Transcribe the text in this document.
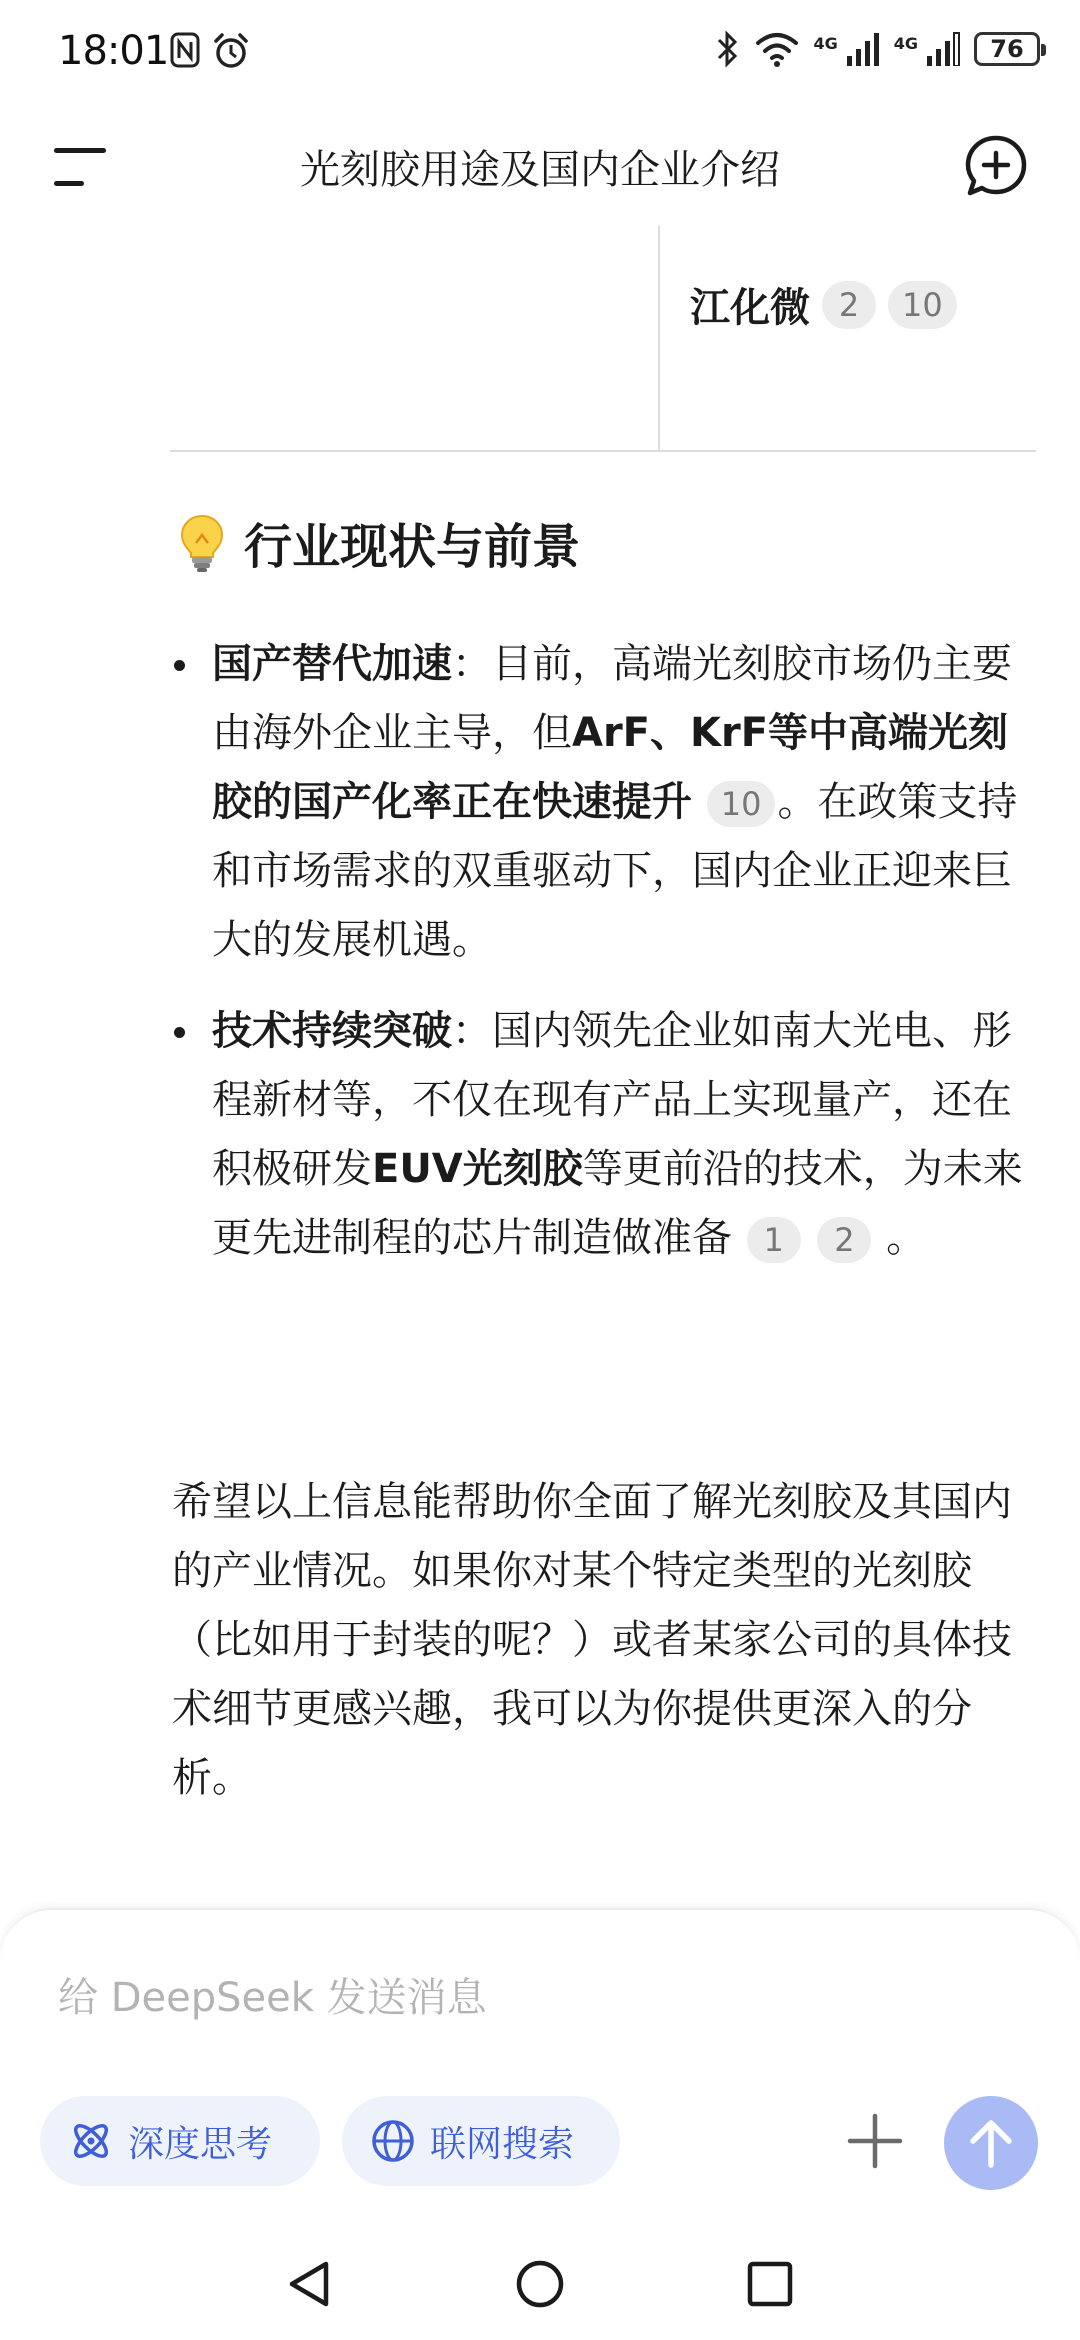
18:01	4G	4G	76
光刻胶用途及国内企业介绍
江化微 2	10
行业现状与前景
国产替代加速：目前，高端光刻胶市场仍主要由海外企业主导，但ArF、KrF等中高端光刻胶的国产化率正在快速提升 10 。在政策支持和市场需求的双重驱动下，国内企业正迎来巨大的发展机遇。
技术持续突破：国内领先企业如南大光电、彤程新材等，不仅在现有产品上实现量产，还在积极研发EUV光刻胶等更前沿的技术，为未来更先进制程的芯片制造做准备 1 2 。
希望以上信息能帮助你全面了解光刻胶及其国内的产业情况。如果你对某个特定类型的光刻胶（比如用于封装的呢？）或者某家公司的具体技术细节更感兴趣，我可以为你提供更深入的分析。
给 DeepSeek 发送消息
深度思考	联网搜索
